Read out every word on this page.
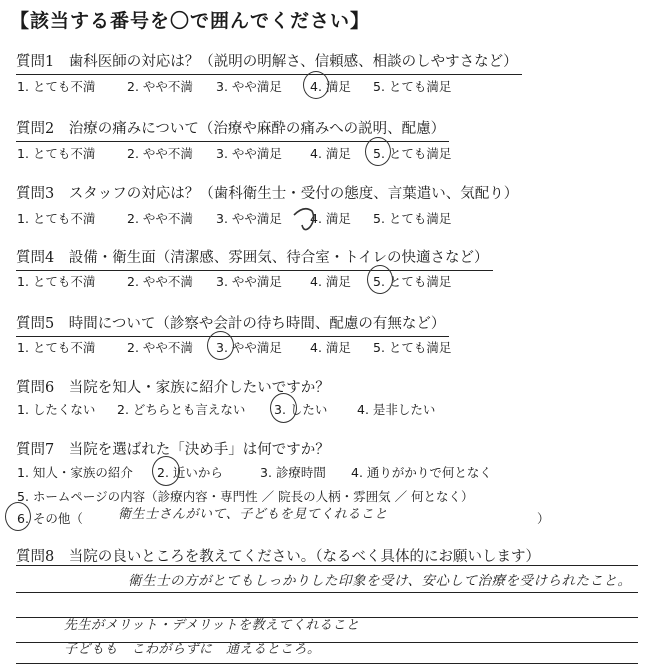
【該当する番号を〇で囲んでください】
質問1　歯科医師の対応は？（説明の明解さ、信頼感、相談のしやすさなど）
1. とても不満	2. やや不満 3. やや満足 4. 満足 5. とても満足
質問2　治療の痛みについて（治療や麻酔の痛みへの説明、配慮）
1. とても不満	2. やや不満 3. やや満足 4. 満足 5. とても満足
質問3　スタッフの対応は？（歯科衛生士・受付の態度、言葉遣い、気配り）
1. とても不満	2. やや不満 3. やや満足 4. 満足 5. とても満足
質問4　設備・衛生面（清潔感、雰囲気、待合室・トイレの快適さなど）
1. とても不満	2. やや不満 3. やや満足 4. 満足 5. とても満足
質問5　時間について（診察や会計の待ち時間、配慮の有無など）
1. とても不満	2. やや不満 3. やや満足 4. 満足 5. とても満足
質問6　当院を知人・家族に紹介したいですか？
1. したくない 2. どちらとも言えない 3. したい 4. 是非したい
質問7　当院を選ばれた「決め手」は何ですか？
1. 知人・家族の紹介 2. 近いから	3. 診療時間 4. 通りがかりで何となく
5. ホームページの内容（診療内容・専門性 ／ 院長の人柄・雰囲気 ／ 何となく）
6. その他（	）
衛生士さんがいて、子どもを見てくれること
質問8　当院の良いところを教えてください。（なるべく具体的にお願いします）
衛生士の方がとてもしっかりした印象を受け、安心して治療を受けられたこと。
先生がメリット・デメリットを教えてくれること
子どもも　こわがらずに　通えるところ。
